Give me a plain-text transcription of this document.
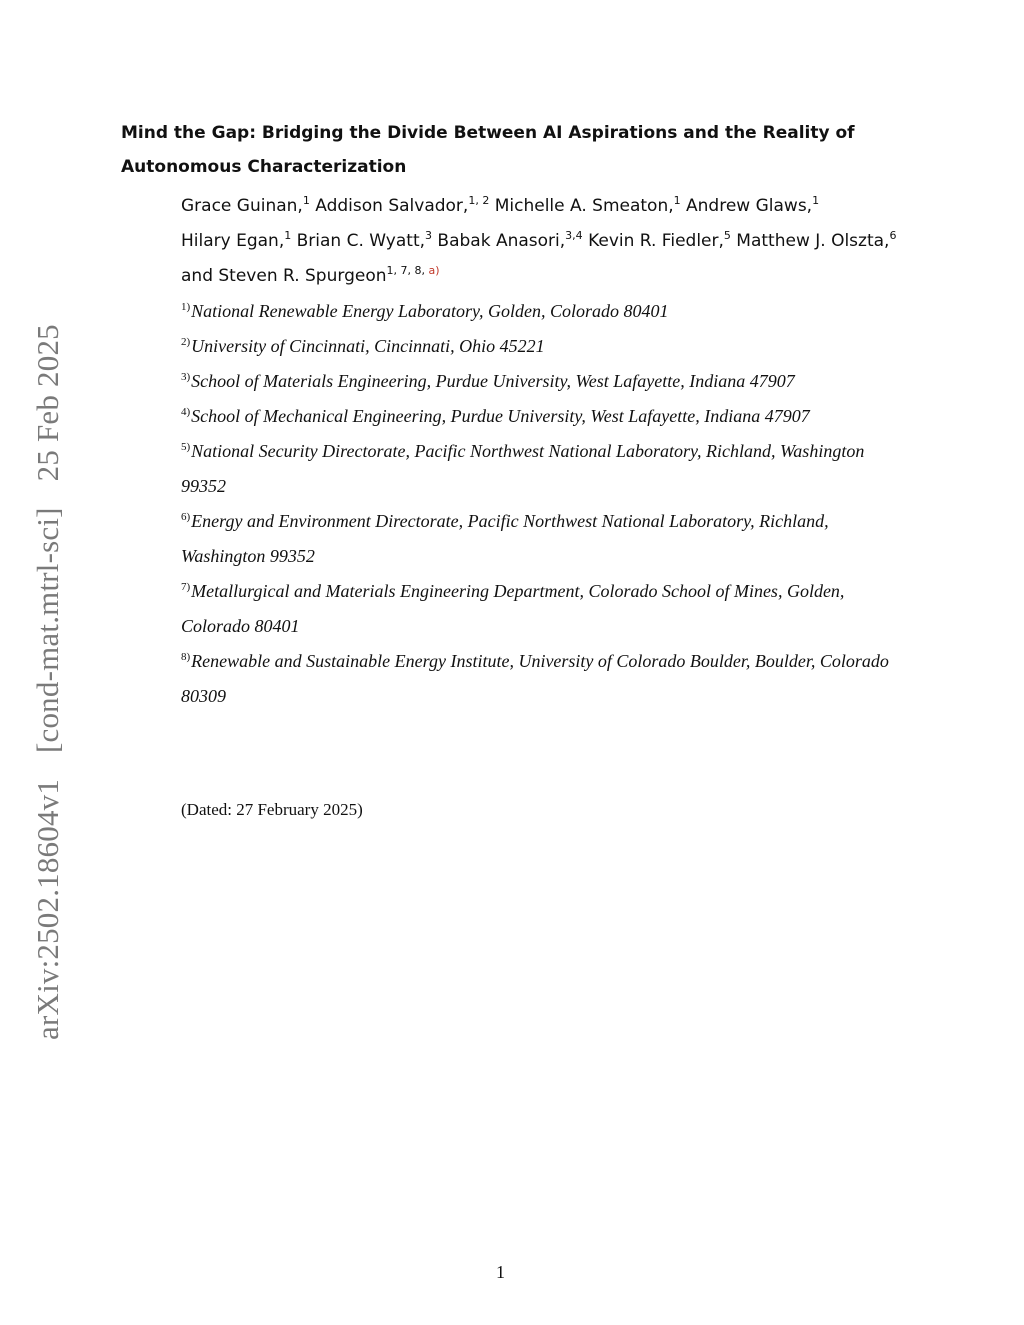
arXiv:2502.18604v1 [cond-mat.mtrl-sci] 25 Feb 2025
Mind the Gap: Bridging the Divide Between AI Aspirations and the Reality of Autonomous Characterization
Grace Guinan,$^1$ Addison Salvador,$^{1, 2}$ Michelle A. Smeaton,$^1$ Andrew Glaws,$^1$ Hilary Egan,$^1$ Brian C. Wyatt,$^3$ Babak Anasori,$^{3,4}$ Kevin R. Fiedler,$^5$ Matthew J. Olszta,$^6$ and Steven R. Spurgeon$^{1, 7, 8, a)}$
$^{1)}$National Renewable Energy Laboratory, Golden, Colorado 80401
$^{2)}$University of Cincinnati, Cincinnati, Ohio 45221
$^{3)}$School of Materials Engineering, Purdue University, West Lafayette, Indiana 47907
$^{4)}$School of Mechanical Engineering, Purdue University, West Lafayette, Indiana 47907
$^{5)}$National Security Directorate, Pacific Northwest National Laboratory, Richland, Washington 99352
$^{6)}$Energy and Environment Directorate, Pacific Northwest National Laboratory, Richland, Washington 99352
$^{7)}$Metallurgical and Materials Engineering Department, Colorado School of Mines, Golden, Colorado 80401
$^{8)}$Renewable and Sustainable Energy Institute, University of Colorado Boulder, Boulder, Colorado 80309
(Dated: 27 February 2025)
1
